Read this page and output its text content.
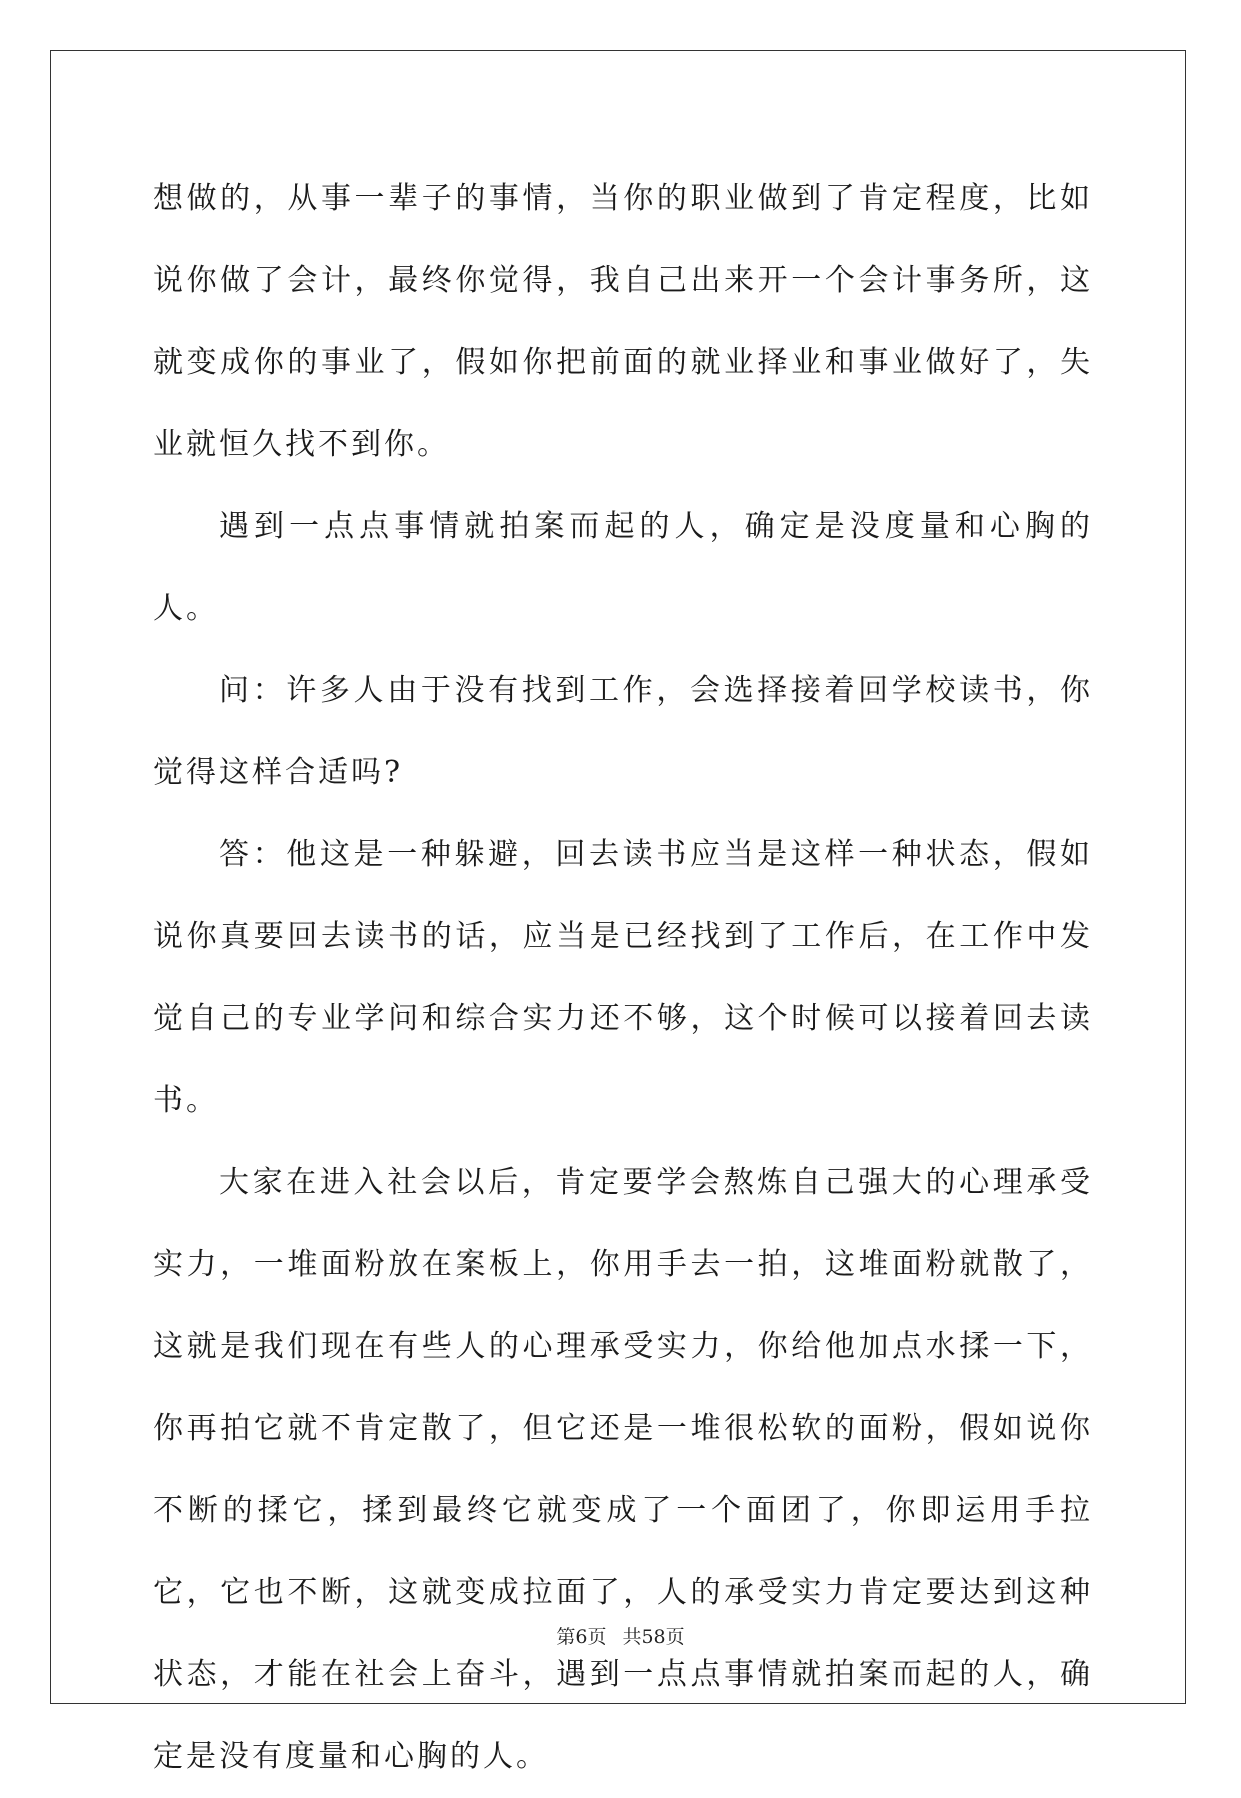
想做的，从事一辈子的事情，当你的职业做到了肯定程度，比如说你做了会计，最终你觉得，我自己出来开一个会计事务所，这就变成你的事业了，假如你把前面的就业择业和事业做好了，失业就恒久找不到你。

遇到一点点事情就拍案而起的人，确定是没度量和心胸的人。

问：许多人由于没有找到工作，会选择接着回学校读书，你觉得这样合适吗?

答：他这是一种躲避，回去读书应当是这样一种状态，假如说你真要回去读书的话，应当是已经找到了工作后，在工作中发觉自己的专业学问和综合实力还不够，这个时候可以接着回去读书。

大家在进入社会以后，肯定要学会熬炼自己强大的心理承受实力，一堆面粉放在案板上，你用手去一拍，这堆面粉就散了，这就是我们现在有些人的心理承受实力，你给他加点水揉一下，你再拍它就不肯定散了，但它还是一堆很松软的面粉，假如说你不断的揉它，揉到最终它就变成了一个面团了，你即运用手拉它，它也不断，这就变成拉面了，人的承受实力肯定要达到这种状态，才能在社会上奋斗，遇到一点点事情就拍案而起的人，确定是没有度量和心胸的人。

第6页 共58页
